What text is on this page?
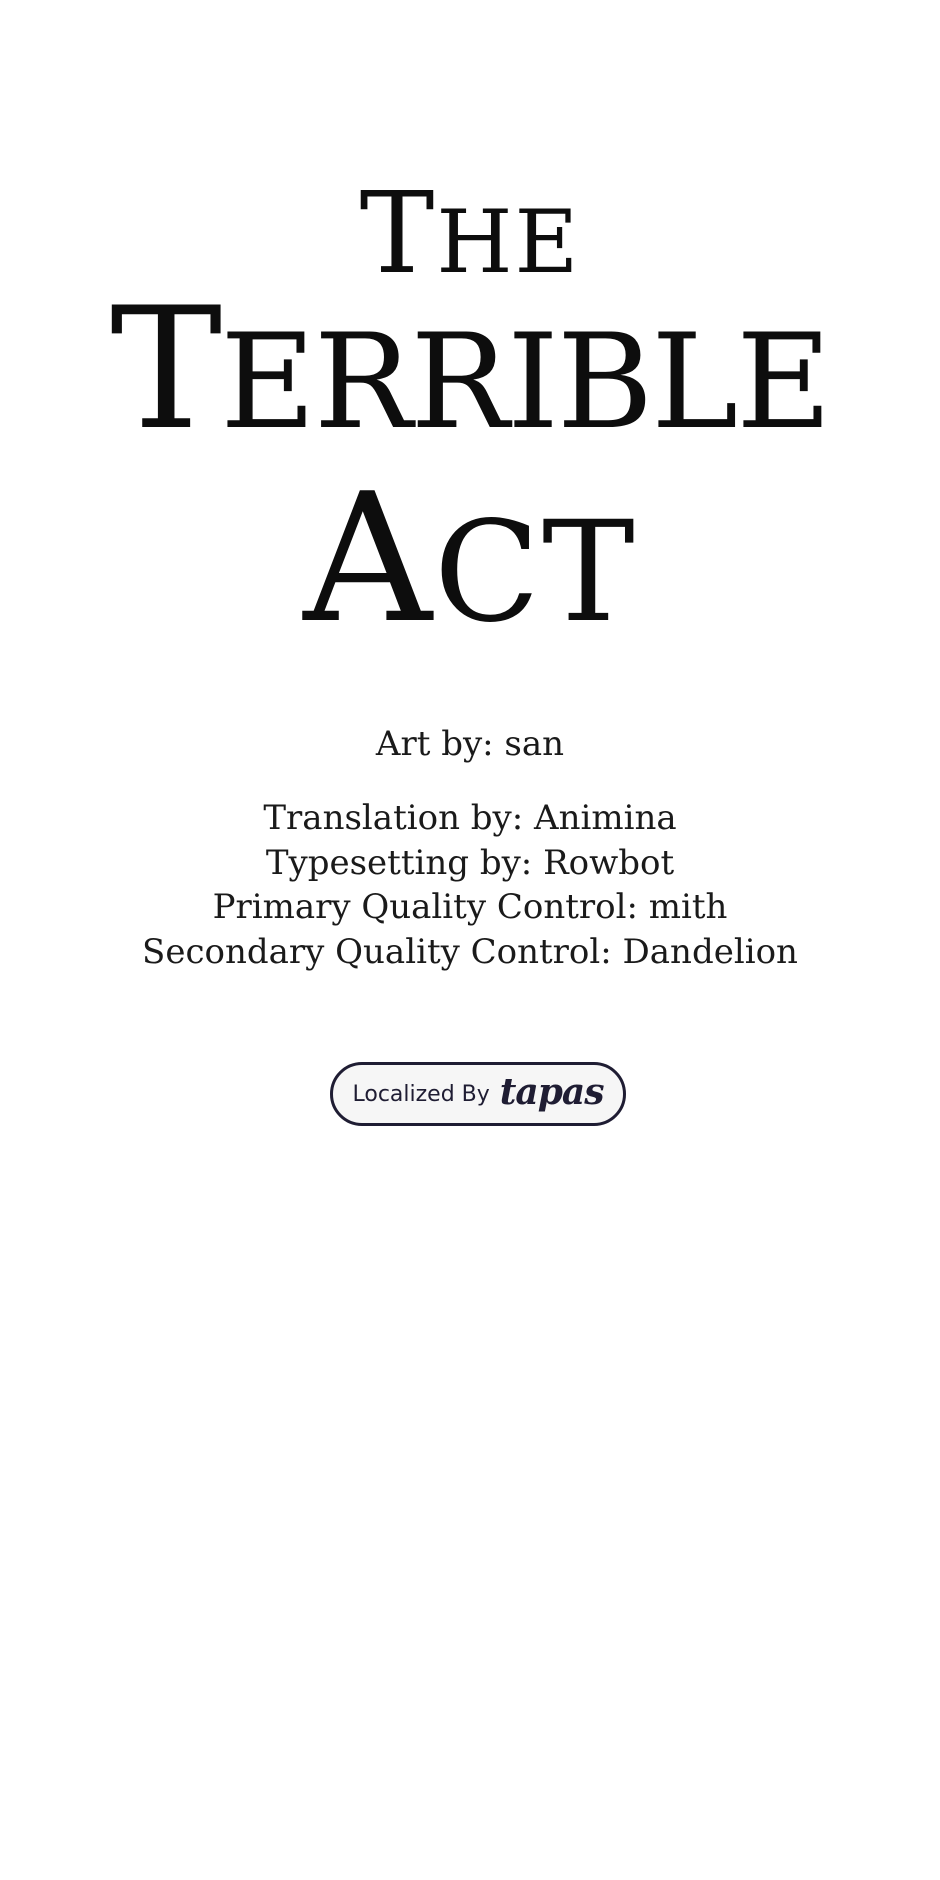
THE
TERRIBLE
ACT
Art by: san
Translation by: Animina
Typesetting by: Rowbot
Primary Quality Control: mith
Secondary Quality Control: Dandelion
Localized By tapas
